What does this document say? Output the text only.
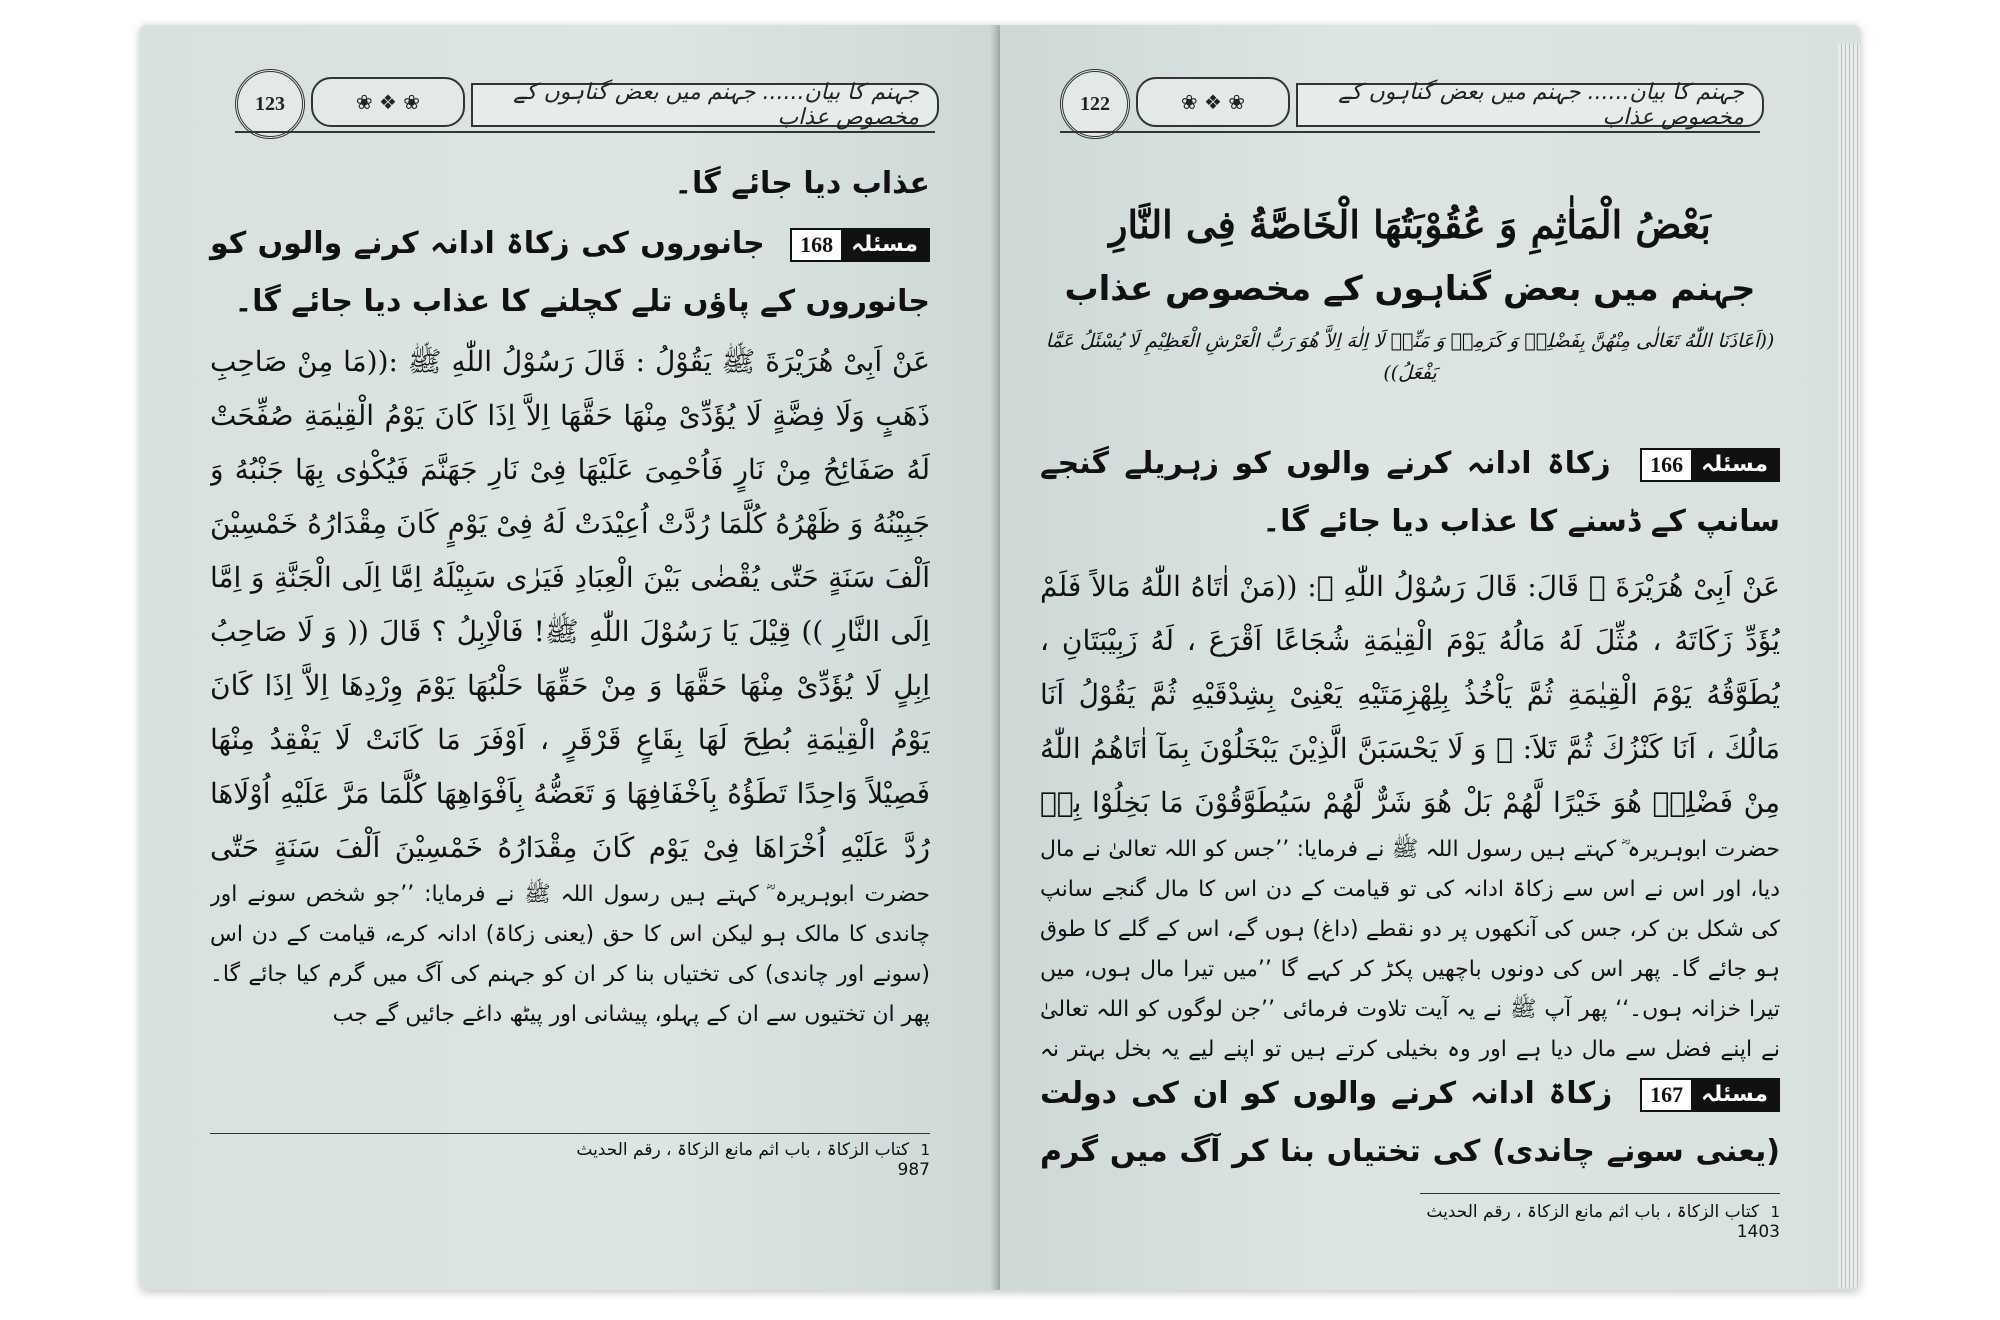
123	❀ ❖ ❀	جہنم کا بیان...... جہنم میں بعض گناہوں کے مخصوص عذاب
عذاب دیا جائے گا۔
مسئلہ
168
جانوروں کی زکاۃ ادانہ کرنے والوں کو جانوروں کے پاؤں تلے کچلنے کا عذاب دیا جائے گا۔
عَنْ اَبِیْ هُرَيْرَةَ ﷺ يَقُوْلُ : قَالَ رَسُوْلُ اللّٰهِ ﷺ :((مَا مِنْ صَاحِبِ ذَهَبٍ وَلَا فِضَّةٍ لَا يُؤَدِّیْ مِنْهَا حَقَّهَا اِلاَّ اِذَا كَانَ يَوْمُ الْقِيٰمَةِ صُفِّحَتْ لَهُ صَفَائِحُ مِنْ نَارٍ فَاُحْمِیَ عَلَيْهَا فِیْ نَارِ جَهَنَّمَ فَيُكْوٰى بِهَا جَنْبُهُ وَ جَبِيْنُهُ وَ ظَهْرُهُ كُلَّمَا رُدَّتْ اُعِيْدَتْ لَهُ فِیْ يَوْمٍ كَانَ مِقْدَارُهُ خَمْسِيْنَ اَلْفَ سَنَةٍ حَتّٰى يُقْضٰى بَيْنَ الْعِبَادِ فَيَرٰى سَبِيْلَهُ اِمَّا اِلَى الْجَنَّةِ وَ اِمَّا اِلَى النَّارِ )) قِيْلَ يَا رَسُوْلَ اللّٰهِ ﷺ! فَالْاِبِلُ ؟ قَالَ (( وَ لَا صَاحِبُ اِبِلٍ لَا يُؤَدِّیْ مِنْهَا حَقَّهَا وَ مِنْ حَقِّهَا حَلْبُهَا يَوْمَ وِرْدِهَا اِلاَّ اِذَا كَانَ يَوْمُ الْقِيٰمَةِ بُطِحَ لَهَا بِقَاعٍ قَرْقَرٍ ، اَوْفَرَ مَا كَانَتْ لَا يَفْقِدُ مِنْهَا فَصِيْلاً وَاحِدًا تَطَؤُهُ بِاَخْفَافِهَا وَ تَعَضُّهُ بِاَفْوَاهِهَا كُلَّمَا مَرَّ عَلَيْهِ اُوْلَاهَا رُدَّ عَلَيْهِ اُخْرَاهَا فِیْ يَوْمٍ كَانَ مِقْدَارُهُ خَمْسِيْنَ اَلْفَ سَنَةٍ حَتّٰى
حضرت ابوہریرہ ؓ کہتے ہیں رسول اللہ ﷺ نے فرمایا: ’’جو شخص سونے اور چاندی کا مالک ہو لیکن اس کا حق (یعنی زکاۃ) ادانہ کرے، قیامت کے دن اس (سونے اور چاندی) کی تختیاں بنا کر ان کو جہنم کی آگ میں گرم کیا جائے گا۔ پھر ان تختیوں سے ان کے پہلو، پیشانی اور پیٹھ داغے جائیں گے جب
1 کتاب الزکاۃ ، باب اثم مانع الزکاۃ ، رقم الحدیث 987
122	❀ ❖ ❀	جہنم کا بیان...... جہنم میں بعض گناہوں کے مخصوص عذاب
بَعْضُ الْمَاٰثِمِ وَ عُقُوْبَتُهَا الْخَاصَّةُ فِی النَّارِ
جہنم میں بعض گناہوں کے مخصوص عذاب
((اَعَاذَنَا اللّٰهُ تَعَالٰی مِنْهُنَّ بِفَضْلِهٖ وَ كَرَمِهٖ وَ مَنِّهٖ لَا اِلٰهَ اِلاَّ هُوَ رَبُّ الْعَرْشِ الْعَظِيْمِ لَا يُسْئَلُ عَمَّا يَفْعَلُ))
مسئلہ
166
زکاۃ ادانہ کرنے والوں کو زہریلے گنجے سانپ کے ڈسنے کا عذاب دیا جائے گا۔
عَنْ اَبِیْ هُرَيْرَةَ ؓ قَالَ: قَالَ رَسُوْلُ اللّٰهِ ﷺ: ((مَنْ اٰتَاهُ اللّٰهُ مَالاً فَلَمْ يُؤَدِّ زَكَاتَهُ ، مُثِّلَ لَهُ مَالُهُ يَوْمَ الْقِيٰمَةِ شُجَاعًا اَقْرَعَ ، لَهُ زَبِيْبَتَانِ ، يُطَوَّقُهُ يَوْمَ الْقِيٰمَةِ ثُمَّ يَاْخُذُ بِلِهْزِمَتَيْهِ يَعْنِیْ بِشِدْقَيْهِ ثُمَّ يَقُوْلُ اَنَا مَالُكَ ، اَنَا كَنْزُكَ ثُمَّ تَلاَ: ﴿ وَ لَا يَحْسَبَنَّ الَّذِيْنَ يَبْخَلُوْنَ بِمَآ اٰتَاهُمُ اللّٰهُ مِنْ فَضْلِهٖ هُوَ خَيْرًا لَّهُمْ بَلْ هُوَ شَرٌّ لَّهُمْ سَيُطَوَّقُوْنَ مَا بَخِلُوْا بِهٖ
حضرت ابوہریرہ ؓ کہتے ہیں رسول اللہ ﷺ نے فرمایا: ’’جس کو اللہ تعالیٰ نے مال دیا، اور اس نے اس سے زکاۃ ادانہ کی تو قیامت کے دن اس کا مال گنجے سانپ کی شکل بن کر، جس کی آنکھوں پر دو نقطے (داغ) ہوں گے، اس کے گلے کا طوق ہو جائے گا۔ پھر اس کی دونوں باچھیں پکڑ کر کہے گا ’’میں تیرا مال ہوں، میں تیرا خزانہ ہوں۔‘‘ پھر آپ ﷺ نے یہ آیت تلاوت فرمائی ’’جن لوگوں کو اللہ تعالیٰ نے اپنے فضل سے مال دیا ہے اور وہ بخیلی کرتے ہیں تو اپنے لیے یہ بخل بہتر نہ
مسئلہ
167
زکاۃ ادانہ کرنے والوں کو ان کی دولت (یعنی سونے چاندی) کی تختیاں بنا کر آگ میں گرم
1 کتاب الزکاۃ ، باب اثم مانع الزکاۃ ، رقم الحدیث 1403
